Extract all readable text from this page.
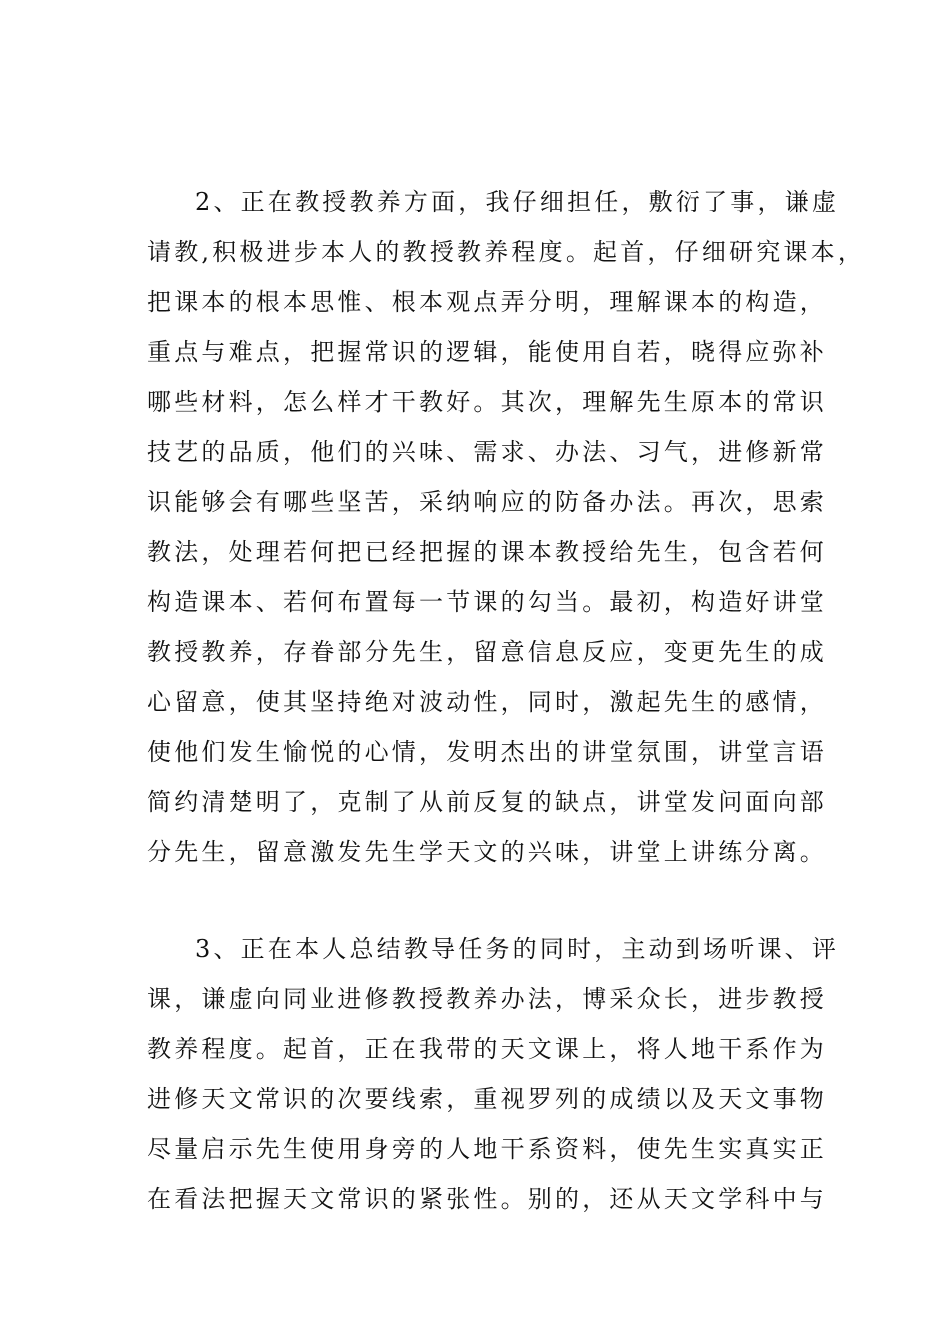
2、正在教授教养方面，我仔细担任，敷衍了事，谦虚

请教,积极进步本人的教授教养程度。起首，仔细研究课本，

把课本的根本思惟、根本观点弄分明，理解课本的构造，

重点与难点，把握常识的逻辑，能使用自若，晓得应弥补

哪些材料，怎么样才干教好。其次，理解先生原本的常识

技艺的品质，他们的兴味、需求、办法、习气，进修新常

识能够会有哪些坚苦，采纳响应的防备办法。再次，思索

教法，处理若何把已经把握的课本教授给先生，包含若何

构造课本、若何布置每一节课的勾当。最初，构造好讲堂

教授教养，存眷部分先生，留意信息反应，变更先生的成

心留意，使其坚持绝对波动性，同时，激起先生的感情，

使他们发生愉悦的心情，发明杰出的讲堂氛围，讲堂言语

简约清楚明了，克制了从前反复的缺点，讲堂发问面向部

分先生，留意激发先生学天文的兴味，讲堂上讲练分离。

3、正在本人总结教导任务的同时，主动到场听课、评

课，谦虚向同业进修教授教养办法，博采众长，进步教授

教养程度。起首，正在我带的天文课上，将人地干系作为

进修天文常识的次要线索，重视罗列的成绩以及天文事物

尽量启示先生使用身旁的人地干系资料，使先生实真实正

在看法把握天文常识的紧张性。别的，还从天文学科中与
